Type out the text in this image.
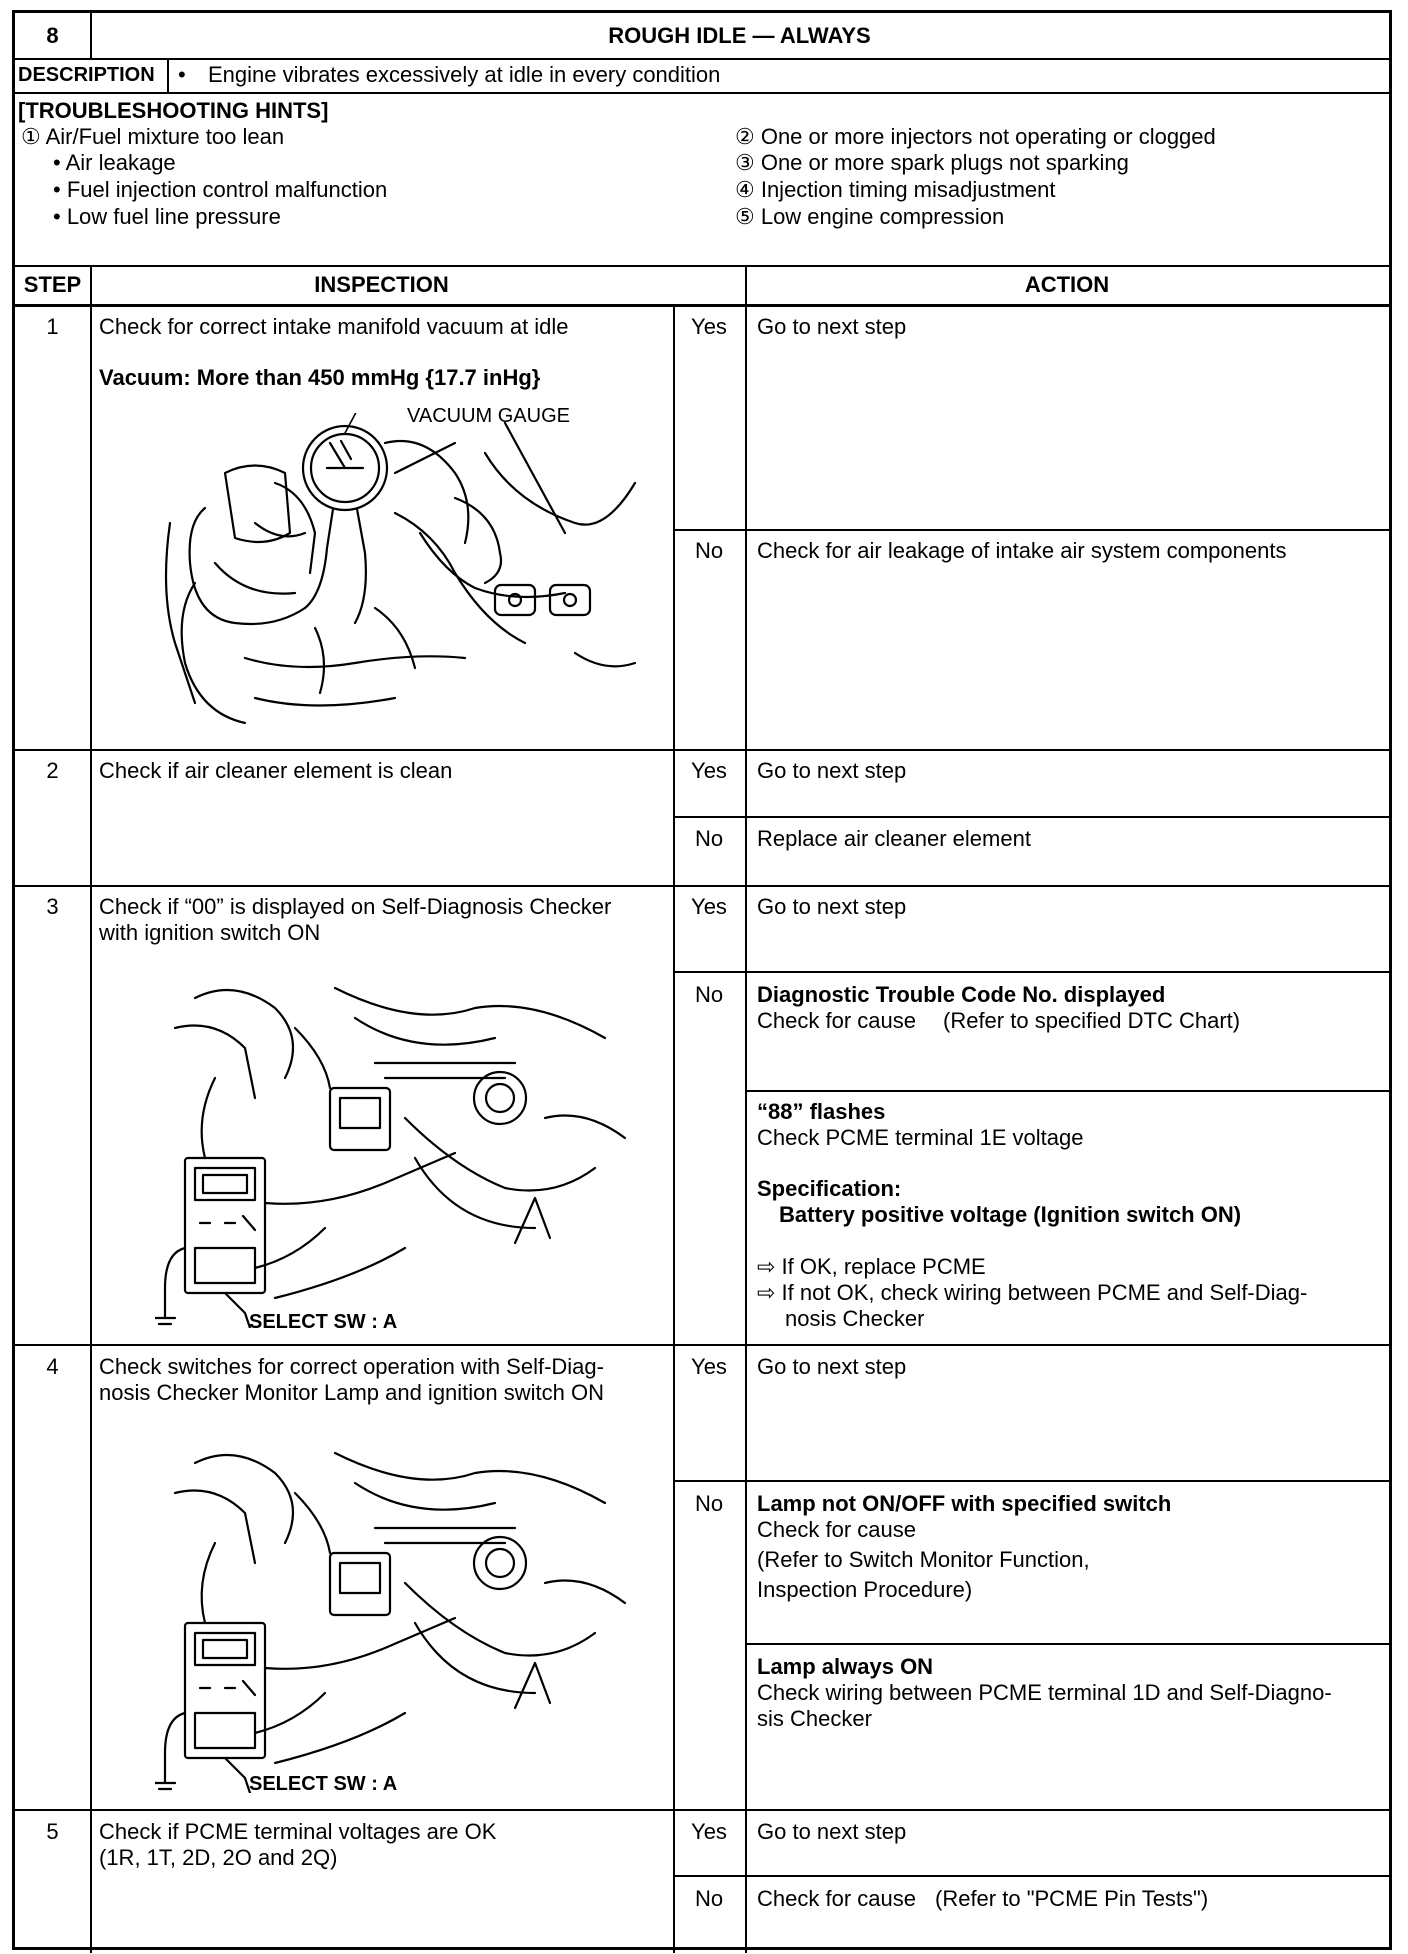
8	ROUGH IDLE — ALWAYS
DESCRIPTION • Engine vibrates excessively at idle in every condition
[TROUBLESHOOTING HINTS]
① Air/Fuel mixture too lean
• Air leakage
• Fuel injection control malfunction
• Low fuel line pressure
② One or more injectors not operating or clogged
③ One or more spark plugs not sparking
④ Injection timing misadjustment
⑤ Low engine compression
STEP	INSPECTION	ACTION
1	Check for correct intake manifold vacuum at idle
Vacuum: More than 450 mmHg {17.7 inHg}
Yes	Go to next step
No	Check for air leakage of intake air system components
VACUUM GAUGE
2	Check if air cleaner element is clean	Yes	Go to next step
No	Replace air cleaner element
3	Check if “00” is displayed on Self-Diagnosis Checker
with ignition switch ON
Yes	Go to next step
No	Diagnostic Trouble Code No. displayed
Check for cause (Refer to specified DTC Chart)
“88” flashes
Check PCME terminal 1E voltage
Specification:
Battery positive voltage (Ignition switch ON)
⇨ If OK, replace PCME
⇨ If not OK, check wiring between PCME and Self-Diag-
nosis Checker
SELECT SW : A
4	Check switches for correct operation with Self-Diag-
nosis Checker Monitor Lamp and ignition switch ON
Yes	Go to next step
No	Lamp not ON/OFF with specified switch
Check for cause
(Refer to Switch Monitor Function,
Inspection Procedure)
Lamp always ON
Check wiring between PCME terminal 1D and Self-Diagno-
sis Checker
SELECT SW : A
5	Check if PCME terminal voltages are OK
(1R, 1T, 2D, 2O and 2Q)
Yes	Go to next step
No	Check for cause (Refer to "PCME Pin Tests")
